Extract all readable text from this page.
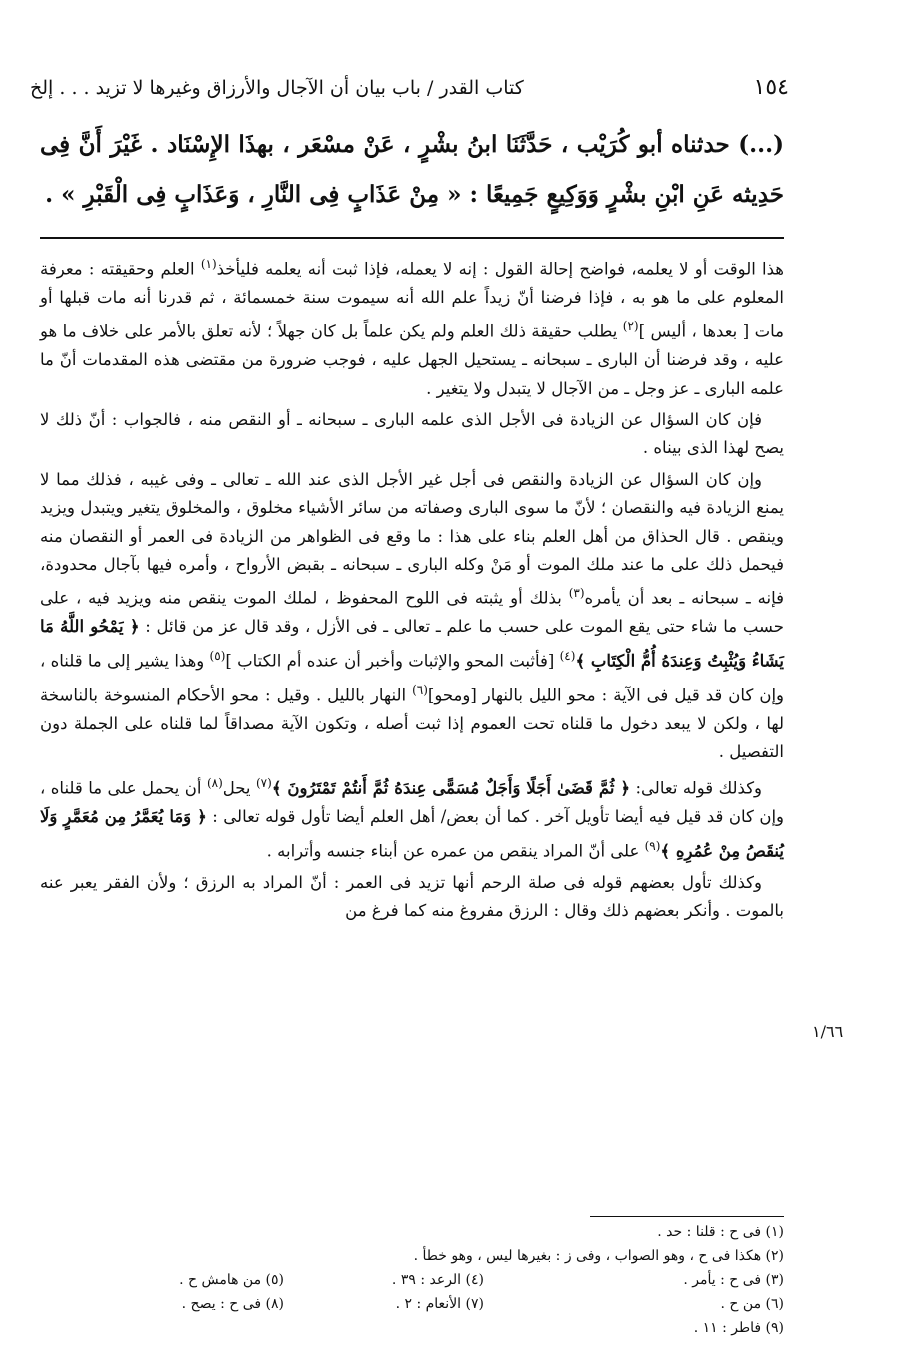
١٥٤
كتاب القدر / باب بيان أن الآجال والأرزاق وغيرها لا تزيد . . . إلخ
(...) حدثناه أبو كُرَيْب ، حَدَّثَنَا ابنُ بشْرٍ ، عَنْ مسْعَر ، بهذَا الإِسْنَاد . غَيْرَ أَنَّ فِى حَدِيثه عَنِ ابْنِ بشْرٍ وَوَكِيعٍ جَمِيعًا : « مِنْ عَذَابٍ فِى النَّارِ ، وَعَذَابٍ فِى الْقَبْرِ » .

هذا الوقت أو لا يعلمه، فواضح إحالة القول : إنه لا يعمله، فإذا ثبت أنه يعلمه فليأخذ$^{(١)}$ العلم وحقيقته : معرفة المعلوم على ما هو به ، فإذا فرضنا أنّ زيداً علم الله أنه سيموت سنة خمسمائة ، ثم قدرنا أنه مات قبلها أو مات [ بعدها ، أليس ]$^{(٢)}$ يطلب حقيقة ذلك العلم ولم يكن علماً بل كان جهلاً ؛ لأنه تعلق بالأمر على خلاف ما هو عليه ، وقد فرضنا أن البارى ـ سبحانه ـ يستحيل الجهل عليه ، فوجب ضرورة من مقتضى هذه المقدمات أنّ ما علمه البارى ـ عز وجل ـ من الآجال لا يتبدل ولا يتغير .

فإن كان السؤال عن الزيادة فى الأجل الذى علمه البارى ـ سبحانه ـ أو النقص منه ، فالجواب : أنّ ذلك لا يصح لهذا الذى بيناه .

وإن كان السؤال عن الزيادة والنقص فى أجل غير الأجل الذى عند الله ـ تعالى ـ وفى غيبه ، فذلك مما لا يمنع الزيادة فيه والنقصان ؛ لأنّ ما سوى البارى وصفاته من سائر الأشياء مخلوق ، والمخلوق يتغير ويتبدل ويزيد وينقص . قال الحذاق من أهل العلم بناء على هذا : ما وقع فى الظواهر من الزيادة فى العمر أو النقصان منه فيحمل ذلك على ما عند ملك الموت أو مَنْ وكله البارى ـ سبحانه ـ بقبض الأرواح ، وأمره فيها بآجال محدودة، فإنه ـ سبحانه ـ بعد أن يأمره$^{(٣)}$ بذلك أو يثبته فى اللوح المحفوظ ، لملك الموت ينقص منه ويزيد فيه ، على حسب ما شاء حتى يقع الموت على حسب ما علم ـ تعالى ـ فى الأزل ، وقد قال عز من قائل : ﴿ يَمْحُو اللَّهُ مَا يَشَاءُ وَيُثْبِتُ وَعِندَهُ أُمُّ الْكِتَابِ ﴾$^{(٤)}$ [فأثبت المحو والإثبات وأخبر أن عنده أم الكتاب ]$^{(٥)}$ وهذا يشير إلى ما قلناه ، وإن كان قد قيل فى الآية : محو الليل بالنهار [ومحو]$^{(٦)}$ النهار بالليل . وقيل : محو الأحكام المنسوخة بالناسخة لها ، ولكن لا يبعد دخول ما قلناه تحت العموم إذا ثبت أصله ، وتكون الآية مصداقاً لما قلناه على الجملة دون التفصيل .

وكذلك قوله تعالى: ﴿ ثُمَّ قَضَىٰ أَجَلًا وَأَجَلٌ مُسَمًّى عِندَهُ ثُمَّ أَنتُمْ تَمْتَرُونَ ﴾$^{(٧)}$ يحل$^{(٨)}$ أن يحمل على ما قلناه ، وإن كان قد قيل فيه أيضا تأويل آخر . كما أن بعض/ أهل العلم أيضا تأول قوله تعالى : ﴿ وَمَا يُعَمَّرُ مِن مُعَمَّرٍ وَلَا يُنقَصُ مِنْ عُمُرِهِ ﴾$^{(٩)}$ على أنّ المراد ينقص من عمره عن أبناء جنسه وأترابه .

وكذلك تأول بعضهم قوله فى صلة الرحم أنها تزيد فى العمر : أنّ المراد به الرزق ؛ ولأن الفقر يعبر عنه بالموت . وأنكر بعضهم ذلك وقال : الرزق مفروغ منه كما فرغ من

١/٦٦
(١) فى ح : قلنا : حد .
(٢) هكذا فى ح ، وهو الصواب ، وفى ز : بغيرها ليس ، وهو خطأ .
(٣) فى ح : يأمر .
(٤) الرعد : ٣٩ .
(٥) من هامش ح .
(٦) من ح .
(٧) الأنعام : ٢ .
(٨) فى ح : يصح .
(٩) فاطر : ١١ .
